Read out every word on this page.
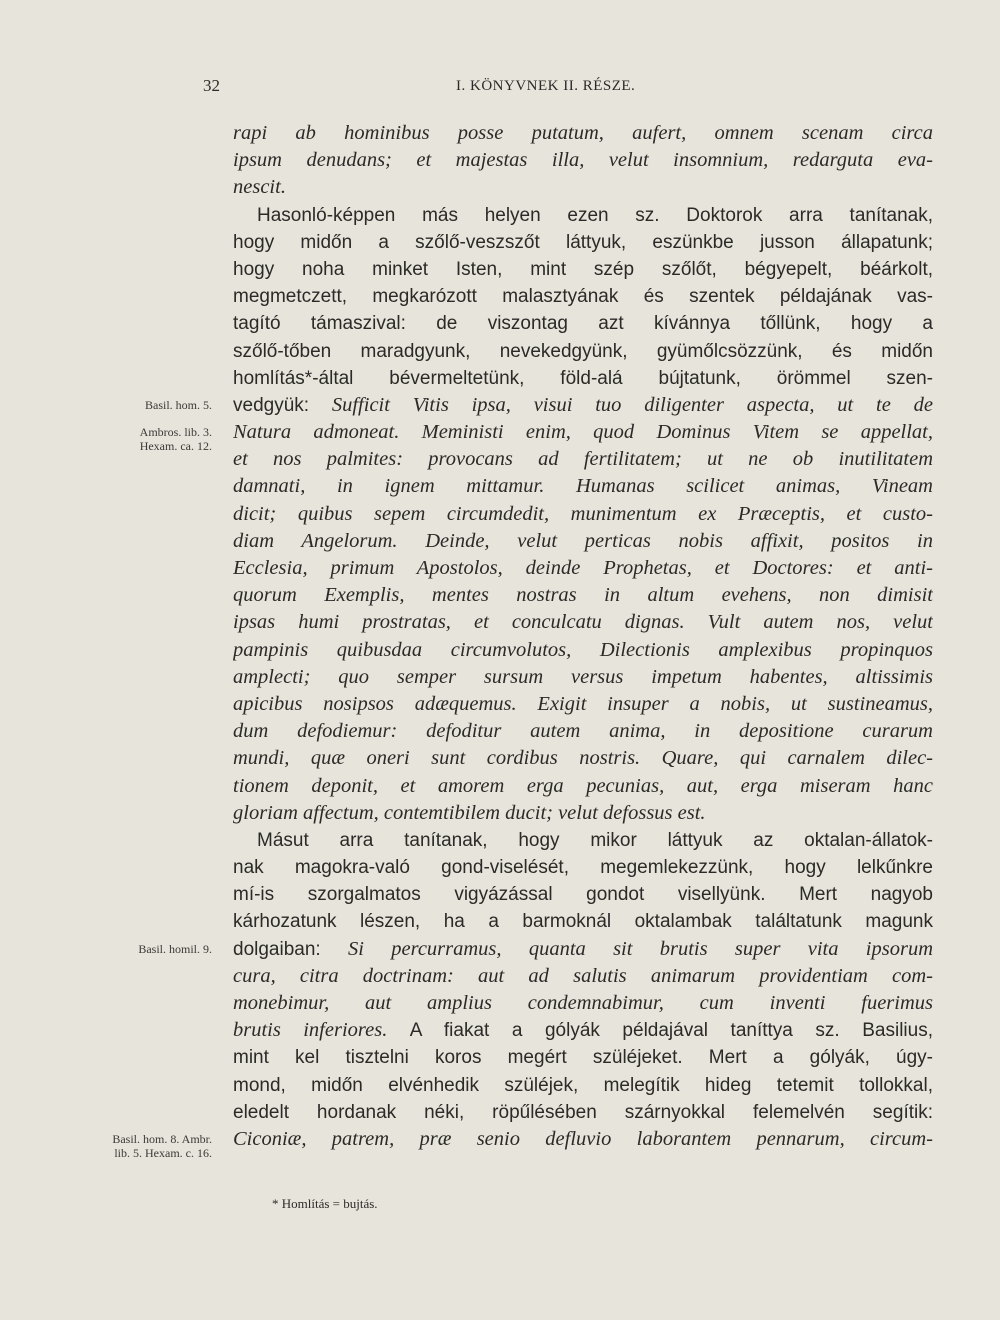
32	I. KÖNYVNEK II. RÉSZE.
rapi ab hominibus posse putatum, aufert, omnem scenam circa
ipsum denudans; et majestas illa, velut insomnium, redarguta eva-
nescit.
Hasonló-képpen más helyen ezen sz. Doktorok arra tanítanak,
hogy midőn a szőlő-veszszőt láttyuk, eszünkbe jusson állapatunk;
hogy noha minket Isten, mint szép szőlőt, bégyepelt, béárkolt,
megmetczett, megkarózott malasztyának és szentek példajának vas-
tagító támaszival: de viszontag azt kívánnya tőllünk, hogy a
szőlő-tőben maradgyunk, nevekedgyünk, gyümőlcsözzünk, és midőn
homlítás*-által bévermeltetünk, föld-alá bújtatunk, örömmel szen-
vedgyük: Sufficit Vitis ipsa, visui tuo diligenter aspecta, ut te de
Natura admoneat. Meministi enim, quod Dominus Vitem se appellat,
et nos palmites: provocans ad fertilitatem; ut ne ob inutilitatem
damnati, in ignem mittamur. Humanas scilicet animas, Vineam
dicit; quibus sepem circumdedit, munimentum ex Præceptis, et custo-
diam Angelorum. Deinde, velut perticas nobis affixit, positos in
Ecclesia, primum Apostolos, deinde Prophetas, et Doctores: et anti-
quorum Exemplis, mentes nostras in altum evehens, non dimisit
ipsas humi prostratas, et conculcatu dignas. Vult autem nos, velut
pampinis quibusdaa circumvolutos, Dilectionis amplexibus propinquos
amplecti; quo semper sursum versus impetum habentes, altissimis
apicibus nosipsos adæquemus. Exigit insuper a nobis, ut sustineamus,
dum defodiemur: defoditur autem anima, in depositione curarum
mundi, quæ oneri sunt cordibus nostris. Quare, qui carnalem dilec-
tionem deponit, et amorem erga pecunias, aut, erga miseram hanc
gloriam affectum, contemtibilem ducit; velut defossus est.
Másut arra tanítanak, hogy mikor láttyuk az oktalan-állatok-
nak magokra-való gond-viselését, megemlekezzünk, hogy lelkűnkre
mí-is szorgalmatos vigyázással gondot visellyünk. Mert nagyob
kárhozatunk lészen, ha a barmoknál oktalambak találtatunk magunk
dolgaiban: Si percurramus, quanta sit brutis super vita ipsorum
cura, citra doctrinam: aut ad salutis animarum providentiam com-
monebimur, aut amplius condemnabimur, cum inventi fuerimus
brutis inferiores. A fiakat a gólyák példajával taníttya sz. Basilius,
mint kel tisztelni koros megért szüléjeket. Mert a gólyák, úgy-
mond, midőn elvénhedik szüléjek, melegítik hideg tetemit tollokkal,
eledelt hordanak néki, röpűlésében szárnyokkal felemelvén segítik:
Ciconiæ, patrem, præ senio defluvio laborantem pennarum, circum-
Basil. hom. 5.
Ambros. lib. 3. Hexam. ca. 12.
Basil. homil. 9.
Basil. hom. 8. Ambr. lib. 5. Hexam. c. 16.
* Homlítás = bujtás.
